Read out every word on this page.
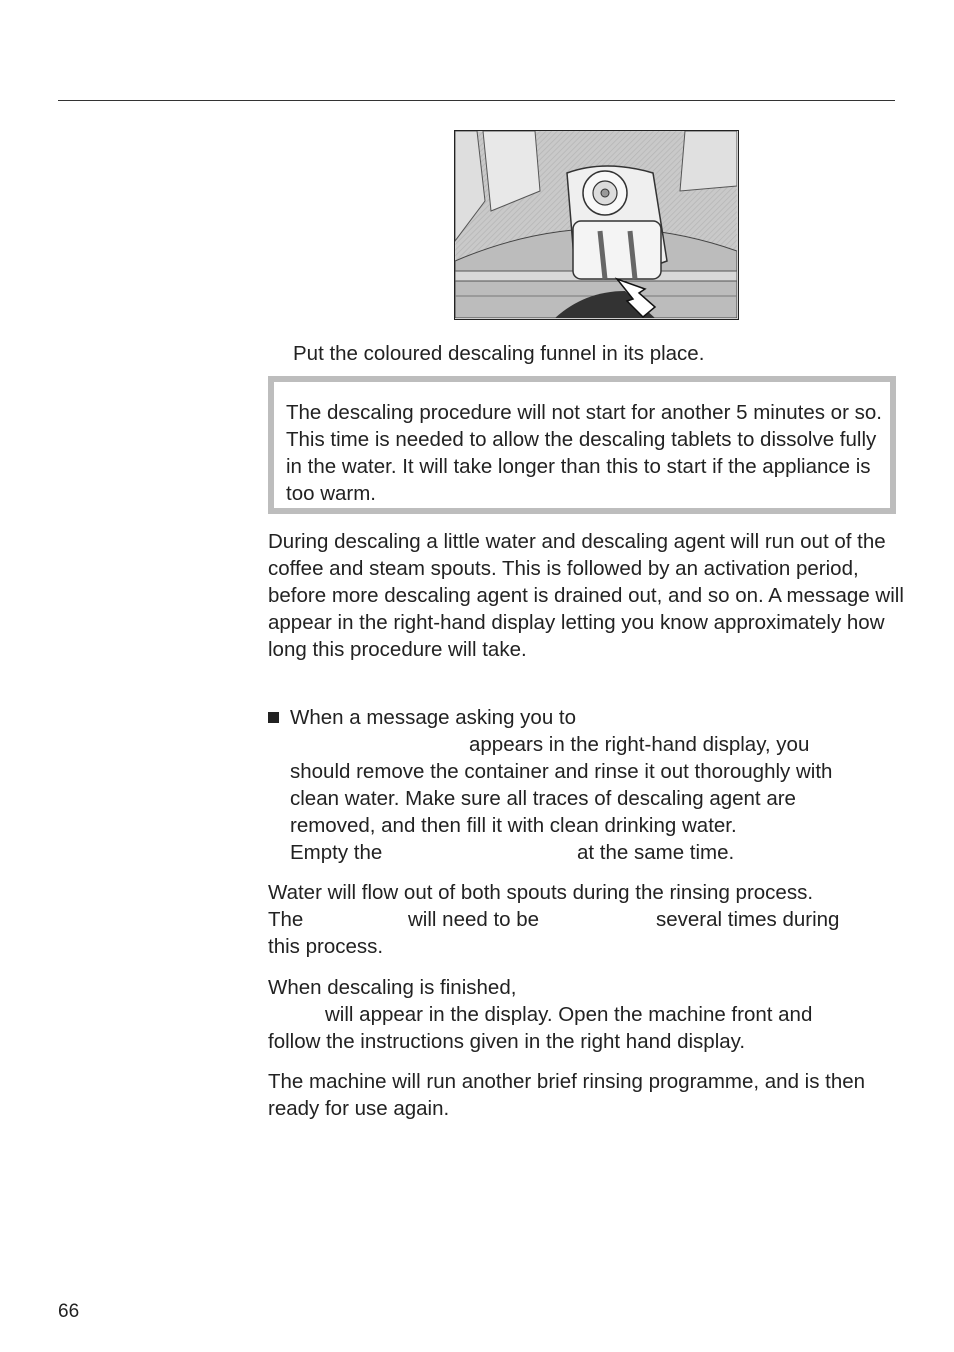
Put the coloured descaling funnel in its place.

The descaling procedure will not start for another 5 minutes or so. This time is needed to allow the descaling tablets to dissolve fully in the water. It will take longer than this to start if the appliance is too warm.

During descaling a little water and descaling agent will run out of the coffee and steam spouts. This is followed by an activation period, before more descaling agent is drained out, and so on. A message will appear in the right-hand display letting you know approximately how long this procedure will take.

When a message asking you to
appears in the right-hand display, you
should remove the container and rinse it out thoroughly with
clean water. Make sure all traces of descaling agent are
removed, and then fill it with clean drinking water.
Empty the	at the same time.
Water will flow out of both spouts during the rinsing process.
The	will need to be	several times during
this process.
When descaling is finished,
will appear in the display. Open the machine front and
follow the instructions given in the right hand display.

The machine will run another brief rinsing programme, and is then ready for use again.

66
